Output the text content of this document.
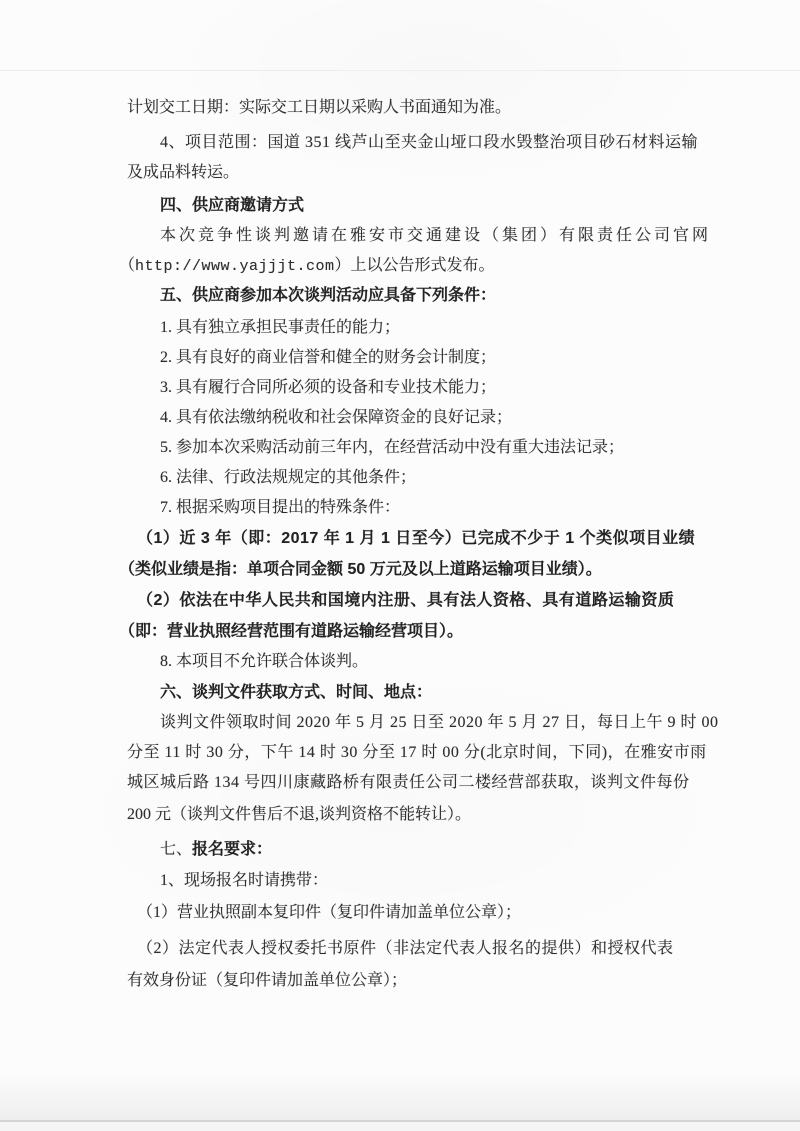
计划交工日期：实际交工日期以采购人书面通知为准。
4、项目范围：国道 351 线芦山至夹金山垭口段水毁整治项目砂石材料运输
及成品料转运。
四、供应商邀请方式
本次竞争性谈判邀请在雅安市交通建设（集团）有限责任公司官网
（http://www.yajjjt.com）上以公告形式发布。
五、供应商参加本次谈判活动应具备下列条件：
1. 具有独立承担民事责任的能力；
2. 具有良好的商业信誉和健全的财务会计制度；
3. 具有履行合同所必须的设备和专业技术能力；
4. 具有依法缴纳税收和社会保障资金的良好记录；
5. 参加本次采购活动前三年内，在经营活动中没有重大违法记录；
6. 法律、行政法规规定的其他条件；
7. 根据采购项目提出的特殊条件：
（1）近 3 年（即：2017 年 1 月 1 日至今）已完成不少于 1 个类似项目业绩
（类似业绩是指：单项合同金额 50 万元及以上道路运输项目业绩）。
（2）依法在中华人民共和国境内注册、具有法人资格、具有道路运输资质
（即：营业执照经营范围有道路运输经营项目）。
8. 本项目不允许联合体谈判。
六、谈判文件获取方式、时间、地点：
谈判文件领取时间 2020 年 5 月 25 日至 2020 年 5 月 27 日，每日上午 9 时 00
分至 11 时 30 分，下午 14 时 30 分至 17 时 00 分(北京时间，下同)，在雅安市雨
城区城后路 134 号四川康藏路桥有限责任公司二楼经营部获取，谈判文件每份
200 元（谈判文件售后不退,谈判资格不能转让）。
七、报名要求：
1、现场报名时请携带：
（1）营业执照副本复印件（复印件请加盖单位公章）；
（2）法定代表人授权委托书原件（非法定代表人报名的提供）和授权代表
有效身份证（复印件请加盖单位公章）；
